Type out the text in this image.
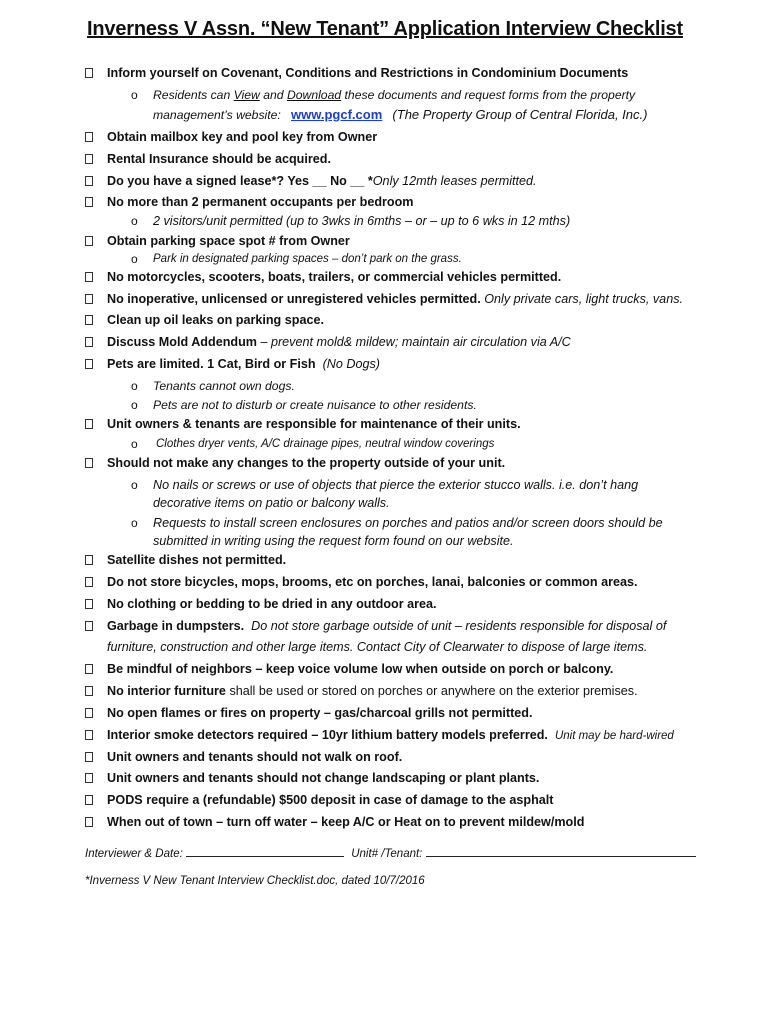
Inverness V Assn. “New Tenant” Application Interview Checklist
Inform yourself on Covenant, Conditions and Restrictions in Condominium Documents
o Residents can View and Download these documents and request forms from the property
management’s website: www.pgcf.com (The Property Group of Central Florida, Inc.)
Obtain mailbox key and pool key from Owner
Rental Insurance should be acquired.
Do you have a signed lease*? Yes __ No __ *Only 12mth leases permitted.
No more than 2 permanent occupants per bedroom
o 2 visitors/unit permitted (up to 3wks in 6mths – or – up to 6 wks in 12 mths)
Obtain parking space spot # from Owner
o Park in designated parking spaces – don’t park on the grass.
No motorcycles, scooters, boats, trailers, or commercial vehicles permitted.
No inoperative, unlicensed or unregistered vehicles permitted. Only private cars, light trucks, vans.
Clean up oil leaks on parking space.
Discuss Mold Addendum – prevent mold& mildew; maintain air circulation via A/C
Pets are limited. 1 Cat, Bird or Fish (No Dogs)
o Tenants cannot own dogs.
o Pets are not to disturb or create nuisance to other residents.
Unit owners & tenants are responsible for maintenance of their units.
o Clothes dryer vents, A/C drainage pipes, neutral window coverings
Should not make any changes to the property outside of your unit.
o No nails or screws or use of objects that pierce the exterior stucco walls. i.e. don’t hang
decorative items on patio or balcony walls.
o Requests to install screen enclosures on porches and patios and/or screen doors should be
submitted in writing using the request form found on our website.
Satellite dishes not permitted.
Do not store bicycles, mops, brooms, etc on porches, lanai, balconies or common areas.
No clothing or bedding to be dried in any outdoor area.
Garbage in dumpsters. Do not store garbage outside of unit – residents responsible for disposal of
furniture, construction and other large items. Contact City of Clearwater to dispose of large items.
Be mindful of neighbors – keep voice volume low when outside on porch or balcony.
No interior furniture shall be used or stored on porches or anywhere on the exterior premises.
No open flames or fires on property – gas/charcoal grills not permitted.
Interior smoke detectors required – 10yr lithium battery models preferred. Unit may be hard-wired
Unit owners and tenants should not walk on roof.
Unit owners and tenants should not change landscaping or plant plants.
PODS require a (refundable) $500 deposit in case of damage to the asphalt
When out of town – turn off water – keep A/C or Heat on to prevent mildew/mold
Interviewer & Date:	Unit# /Tenant:
*Inverness V New Tenant Interview Checklist.doc, dated 10/7/2016
